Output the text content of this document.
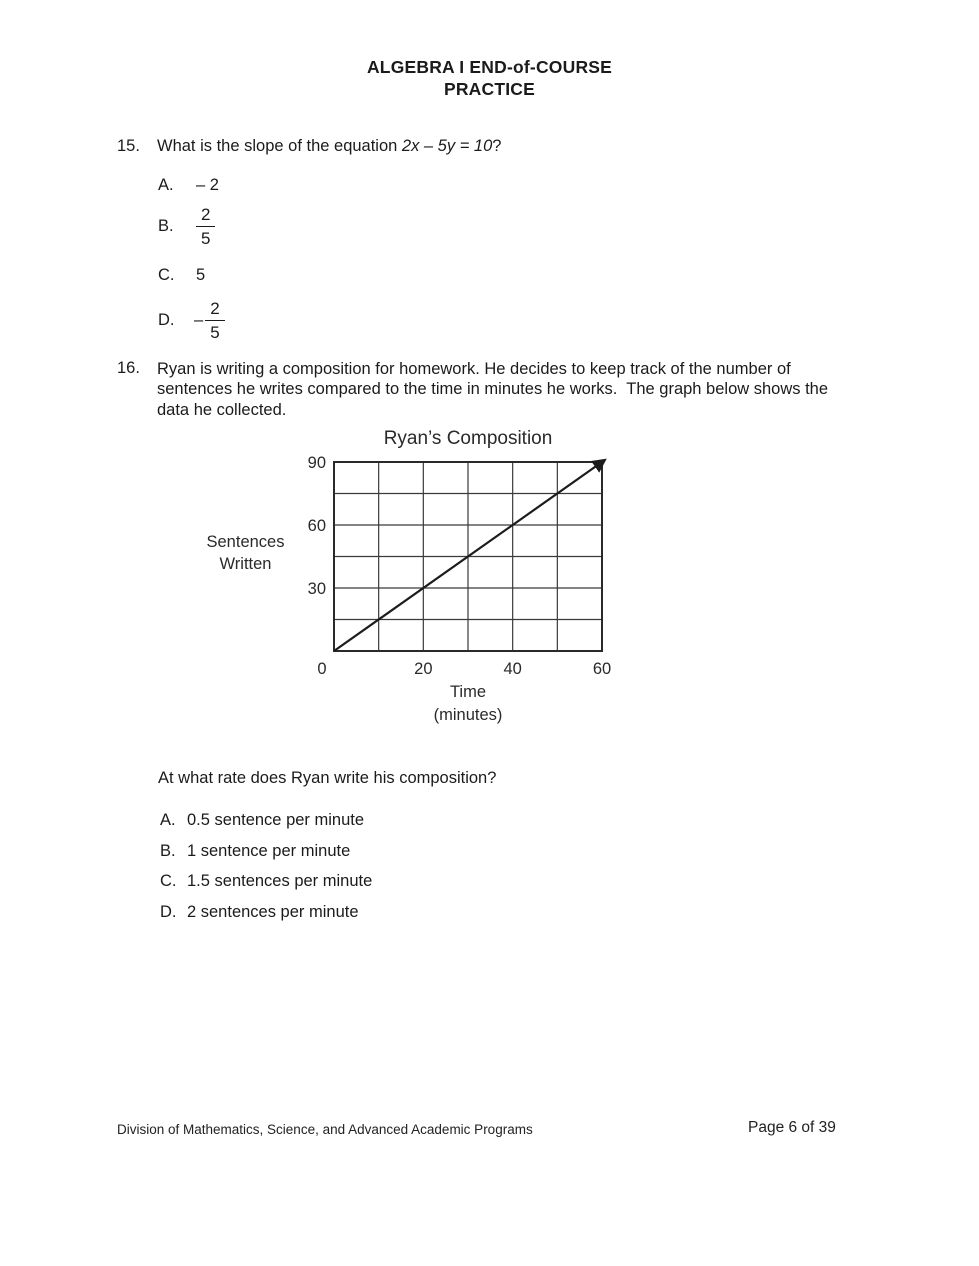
ALGEBRA I END-of-COURSE
PRACTICE
15. What is the slope of the equation 2x – 5y = 10?
A.	– 2
B.	$\frac{2}{5}$
C.	5
D.	– $\frac{2}{5}$
16.	Ryan is writing a composition for homework. He decides to keep track of the number of sentences he writes compared to the time in minutes he works.  The graph below shows the data he collected.
Ryan’s Composition
Sentences
Written
0	20	40	60
30
60
90
Time
(minutes)
At what rate does Ryan write his composition?
A. 0.5 sentence per minute
B. 1 sentence per minute
C. 1.5 sentences per minute
D. 2 sentences per minute
Division of Mathematics, Science, and Advanced Academic Programs	Page 6 of 39
